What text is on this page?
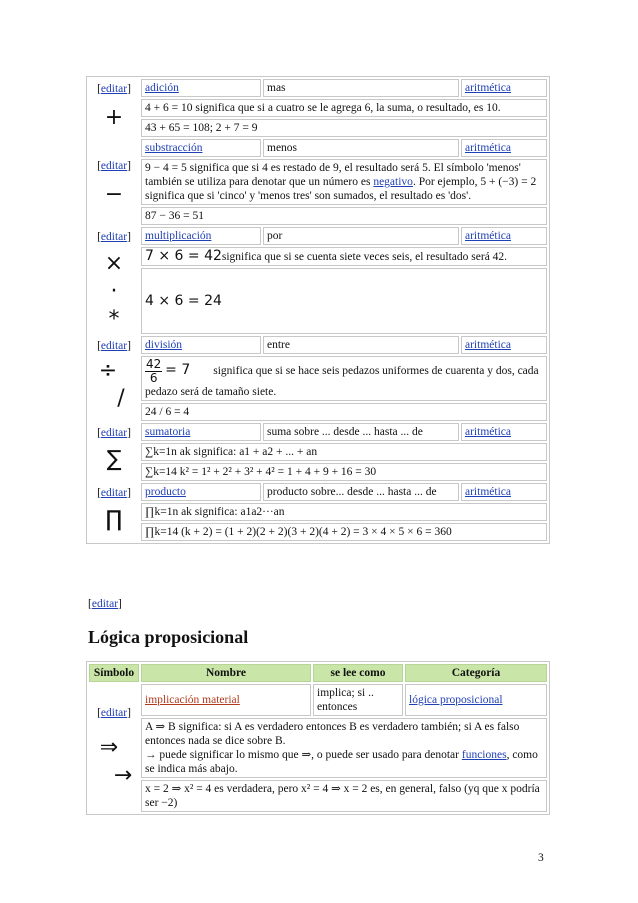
[editar]
+	adición	mas	aritmética
	4 + 6 = 10 significa que si a cuatro se le agrega 6, la suma, o resultado, es 10.		
	43 + 65 = 108; 2 + 7 = 9		

[editar]
−	substracción	menos	aritmética
	9 − 4 = 5 significa que si 4 es restado de 9, el resultado será 5. El símbolo 'menos' también se utiliza para denotar que un número es negativo. Por ejemplo, 5 + (−3) = 2 significa que si 'cinco' y 'menos tres' son sumados, el resultado es 'dos'.		
	87 − 36 = 51		

[editar]
×
·
*	multiplicación	por	aritmética
	7 × 6 = 42significa que si se cuenta siete veces seis, el resultado será 42.		
	4 × 6 = 24		

[editar]
÷
/	división	entre	aritmética

	$\frac{42}{6} = 7$ significa que si se hace seis pedazos uniformes de cuarenta y dos, cada pedazo será de tamaño siete.		
	24 / 6 = 4		

[editar]
∑	sumatoria	suma sobre ... desde ... hasta ... de	aritmética
	∑k=1n ak significa: a1 + a2 + ... + an		
	∑k=14 k² = 1² + 2² + 3² + 4² = 1 + 4 + 9 + 16 = 30		

[editar]
∏	producto	producto sobre... desde ... hasta ... de	aritmética
	∏k=1n ak significa: a1a2···an		
	∏k=14 (k + 2) = (1 + 2)(2 + 2)(3 + 2)(4 + 2) = 3 × 4 × 5 × 6 = 360		
[editar]
Lógica proposicional
Símbolo	Nombre	se lee como	Categoría

[editar]
⇒
→	implicación material	implica; si .. entonces	lógica proposicional
	A ⇒ B significa: si A es verdadero entonces B es verdadero también; si A es falso entonces nada se dice sobre B.
→ puede significar lo mismo que ⇒, o puede ser usado para denotar funciones, como se indica más abajo.		
	x = 2 ⇒ x² = 4 es verdadera, pero x² = 4 ⇒ x = 2 es, en general, falso (yq que x podría ser −2)		
3
